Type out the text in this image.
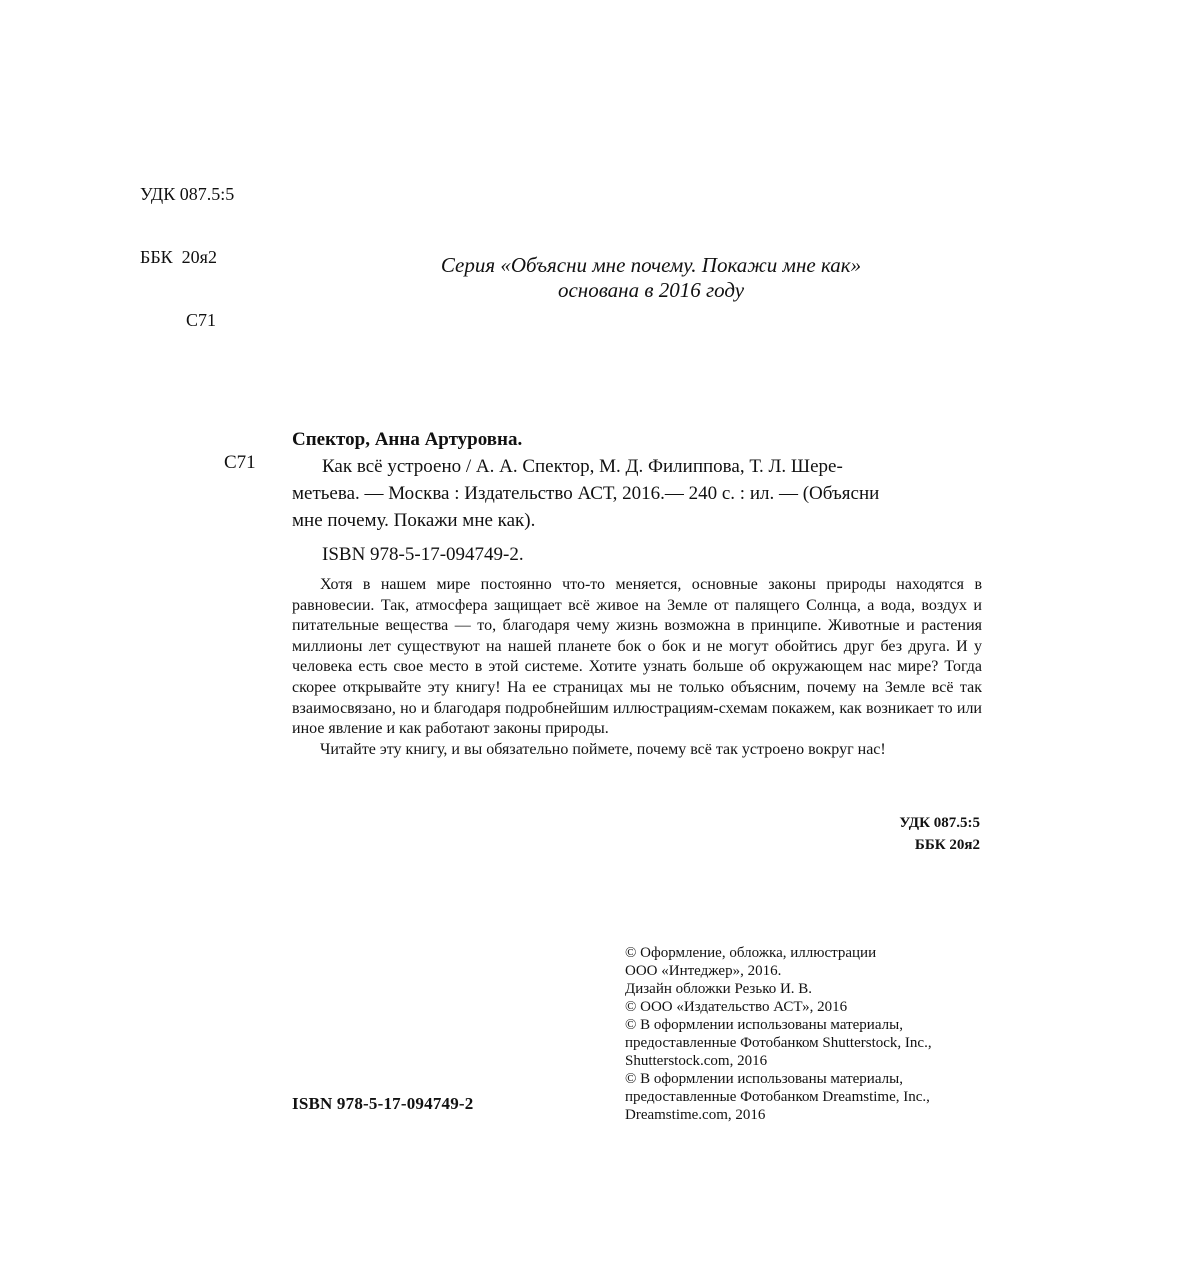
УДК 087.5:5

ББК  20я2

С71

Серия «Объясни мне почему. Покажи мне как»
основана в 2016 году
С71
Спектор, Анна Артуровна.
Как всё устроено / А. А. Спектор, М. Д. Филиппова, Т. Л. Шере-
метьева. — Москва : Издательство АСТ, 2016.— 240 с. : ил. — (Объясни
мне почему. Покажи мне как).
ISBN 978-5-17-094749-2.
Хотя в нашем мире постоянно что-то меняется, основные законы природы находятся в равновесии. Так, атмосфера защищает всё живое на Земле от палящего Солнца, а вода, воздух и питательные вещества — то, благодаря чему жизнь возможна в принципе. Животные и растения миллионы лет существуют на нашей планете бок о бок и не могут обойтись друг без друга. И у человека есть свое место в этой системе. Хотите узнать больше об окружающем нас мире? Тогда скорее открывайте эту книгу! На ее страницах мы не только объясним, почему на Земле всё так взаимосвязано, но и благодаря подробнейшим иллюстрациям-схемам покажем, как возникает то или иное явление и как работают законы природы.
Читайте эту книгу, и вы обязательно поймете, почему всё так устроено вокруг нас!
УДК 087.5:5
ББК 20я2
© Оформление, обложка, иллюстрации
ООО «Интеджер», 2016.
Дизайн обложки Резько И. В.
© ООО «Издательство АСТ», 2016
© В оформлении использованы материалы,
предоставленные Фотобанком Shutterstock, Inc.,
Shutterstock.com, 2016
© В оформлении использованы материалы,
предоставленные Фотобанком Dreamstime, Inc.,
Dreamstime.com, 2016
ISBN 978-5-17-094749-2
